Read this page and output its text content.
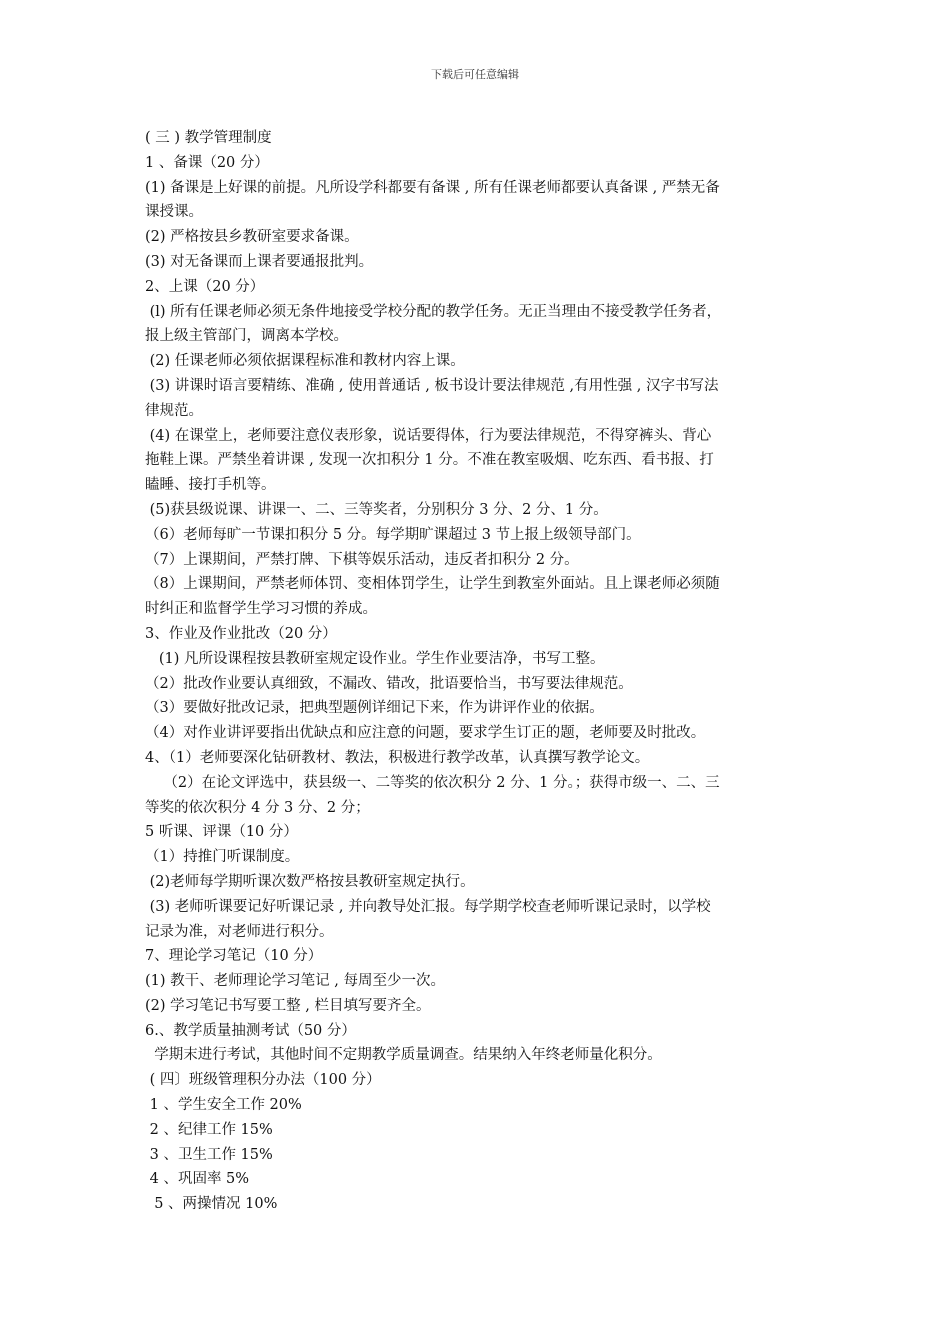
下载后可任意编辑
( 三 ) 教学管理制度
1 、备课（20 分）
(1) 备课是上好课的前提。凡所设学科都要有备课 , 所有任课老师都要认真备课 , 严禁无备
课授课。
(2) 严格按县乡教研室要求备课。
(3) 对无备课而上课者要通报批判。
2、上课（20 分）
(l) 所有任课老师必须无条件地接受学校分配的教学任务。无正当理由不接受教学任务者，
报上级主管部门，调离本学校。
(2) 任课老师必须依据课程标准和教材内容上课。
(3) 讲课时语言要精练、准确 , 使用普通话 , 板书设计要法律规范 ,有用性强 , 汉字书写法
律规范。
(4) 在课堂上，老师要注意仪表形象，说话要得体，行为要法律规范，不得穿裤头、背心
拖鞋上课。严禁坐着讲课 , 发现一次扣积分 1 分。不准在教室吸烟、吃东西、看书报、打
瞌睡、接打手机等。
(5)获县级说课、讲课一、二、三等奖者，分别积分 3 分、2 分、1 分。
（6）老师每旷一节课扣积分 5 分。每学期旷课超过 3 节上报上级领导部门。
（7）上课期间，严禁打牌、下棋等娱乐活动，违反者扣积分 2 分。
（8）上课期间，严禁老师体罚、变相体罚学生，让学生到教室外面站。且上课老师必须随
时纠正和监督学生学习习惯的养成。
3、作业及作业批改（20 分）
(1) 凡所设课程按县教研室规定设作业。学生作业要洁净，书写工整。
（2）批改作业要认真细致，不漏改、错改，批语要恰当，书写要法律规范。
（3）要做好批改记录，把典型题例详细记下来，作为讲评作业的依据。
（4）对作业讲评要指出优缺点和应注意的问题，要求学生订正的题，老师要及时批改。
4、（1）老师要深化钻研教材、教法，积极进行教学改革，认真撰写教学论文。
（2）在论文评选中，获县级一、二等奖的依次积分 2 分、1 分。；获得市级一、二、三
等奖的依次积分 4 分 3 分、2 分；
5 听课、评课（10 分）
（1）持推门听课制度。
(2)老师每学期听课次数严格按县教研室规定执行。
(3) 老师听课要记好听课记录 , 并向教导处汇报。每学期学校查老师听课记录时，以学校
记录为准，对老师进行积分。
7、理论学习笔记（10 分）
(1) 教干、老师理论学习笔记 , 每周至少一次。
(2) 学习笔记书写要工整 , 栏目填写要齐全。
6.、教学质量抽测考试（50 分）
学期末进行考试，其他时间不定期教学质量调查。结果纳入年终老师量化积分。
( 四〕班级管理积分办法（100 分）
1 、学生安全工作 20%
2 、纪律工作 15%
3 、卫生工作 15%
4 、巩固率 5%
5 、两操情况 10%
